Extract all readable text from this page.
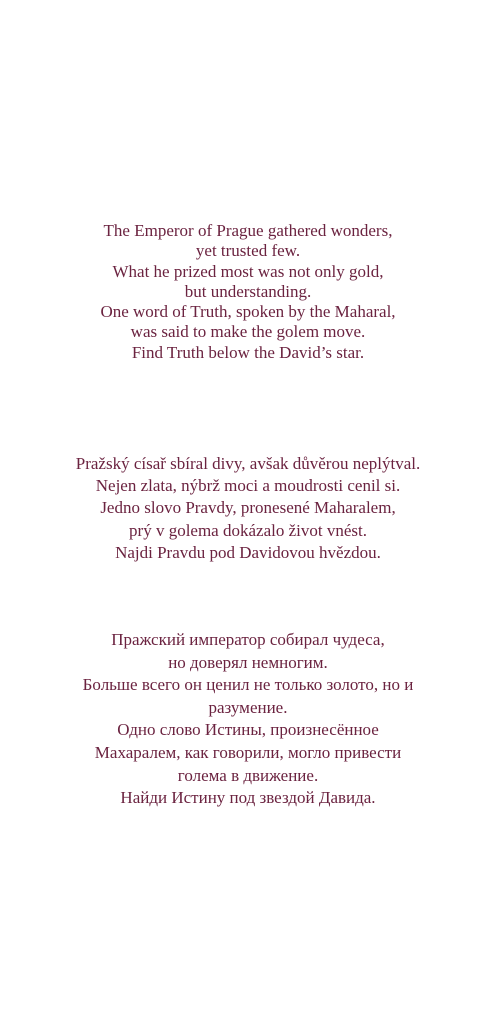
The Emperor of Prague gathered wonders,
yet trusted few.
What he prized most was not only gold,
but understanding.
One word of Truth, spoken by the Maharal,
was said to make the golem move.
Find Truth below the David’s star.
Pražský císař sbíral divy, avšak důvěrou neplýtval.
Nejen zlata, nýbrž moci a moudrosti cenil si.
Jedno slovo Pravdy, pronesené Maharalem,
prý v golema dokázalo život vnést.
Najdi Pravdu pod Davidovou hvězdou.
Пражский император собирал чудеса,
но доверял немногим.
Больше всего он ценил не только золото, но и
разумение.
Одно слово Истины, произнесённое
Махаралем, как говорили, могло привести
голема в движение.
Найди Истину под звездой Давида.
